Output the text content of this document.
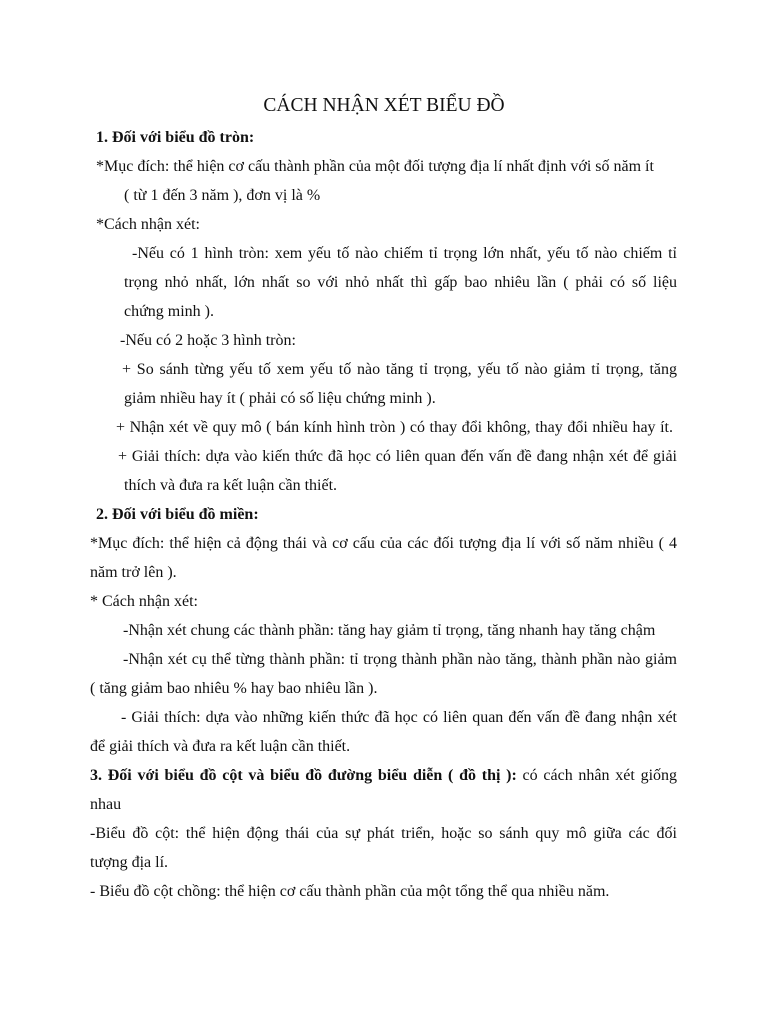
CÁCH NHẬN XÉT BIỂU ĐỒ
1. Đối với biểu đồ tròn:
*Mục đích: thể hiện cơ cấu thành phần của một đối tượng địa lí nhất định với số năm ít
( từ 1 đến 3 năm ), đơn vị là %
*Cách nhận xét:
-Nếu có 1 hình tròn: xem yếu tố nào chiếm tỉ trọng lớn nhất, yếu tố nào chiếm tỉ
trọng nhỏ nhất, lớn nhất so với nhỏ nhất thì gấp bao nhiêu lần ( phải có số liệu
chứng minh ).
-Nếu có 2 hoặc 3 hình tròn:
+ So sánh từng yếu tố xem yếu tố nào tăng tỉ trọng, yếu tố nào giảm tỉ trọng, tăng
giảm nhiều hay ít ( phải có số liệu chứng minh ).
+ Nhận xét về quy mô ( bán kính hình tròn ) có thay đổi không, thay đổi nhiều hay ít.
+ Giải thích: dựa vào kiến thức đã học có liên quan đến vấn đề đang nhận xét để giải
thích và đưa ra kết luận cần thiết.
2. Đối với biểu đồ miền:
*Mục đích: thể hiện cả động thái và cơ cấu của các đối tượng địa lí với số năm nhiều ( 4
năm trở lên ).
* Cách nhận xét:
-Nhận xét chung các thành phần: tăng hay giảm tỉ trọng, tăng nhanh hay tăng chậm
-Nhận xét cụ thể từng thành phần: tỉ trọng thành phần nào tăng, thành phần nào giảm
( tăng giảm bao nhiêu % hay bao nhiêu lần ).
- Giải thích: dựa vào những kiến thức đã học có liên quan đến vấn đề đang nhận xét
để giải thích và đưa ra kết luận cần thiết.
3. Đối với biểu đồ cột và biểu đồ đường biểu diễn ( đồ thị ): có cách nhân xét giống
nhau
-Biểu đồ cột: thể hiện động thái của sự phát triển, hoặc so sánh quy mô giữa các đối
tượng địa lí.
- Biểu đồ cột chồng: thể hiện cơ cấu thành phần của một tổng thể qua nhiều năm.
